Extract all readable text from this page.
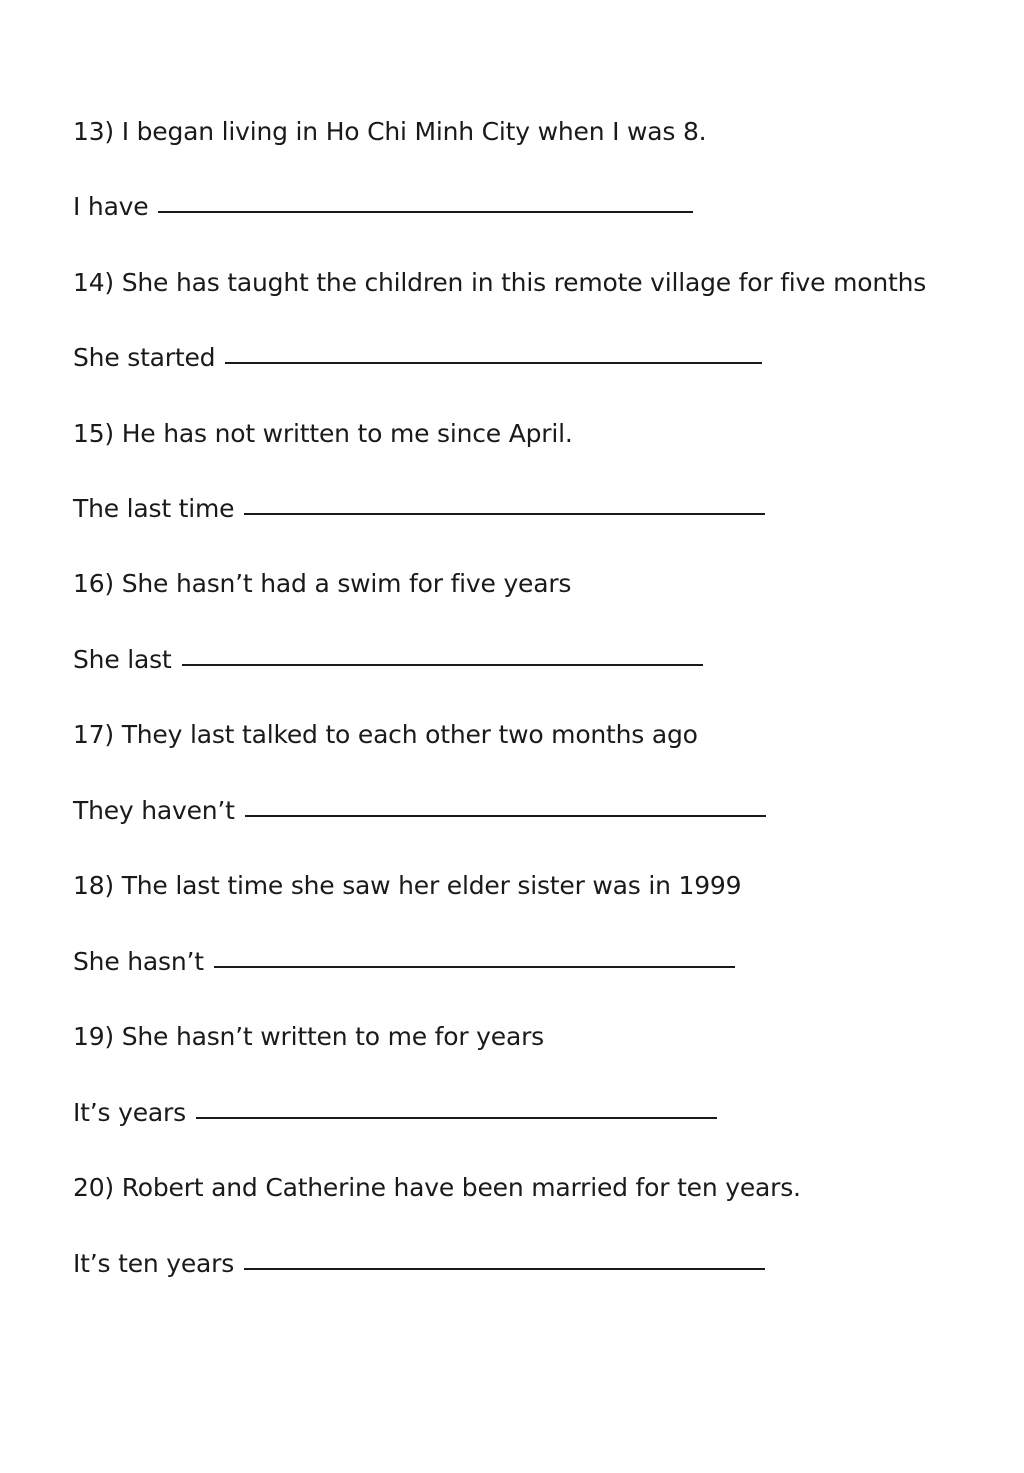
13) I began living in Ho Chi Minh City when I was 8.
I have
14) She has taught the children in this remote village for five months
She started
15) He has not written to me since April.
The last time
16) She hasn’t had a swim for five years
She last
17) They last talked to each other two months ago
They haven’t
18) The last time she saw her elder sister was in 1999
She hasn’t
19) She hasn’t written to me for years
It’s years
20) Robert and Catherine have been married for ten years.
It’s ten years
